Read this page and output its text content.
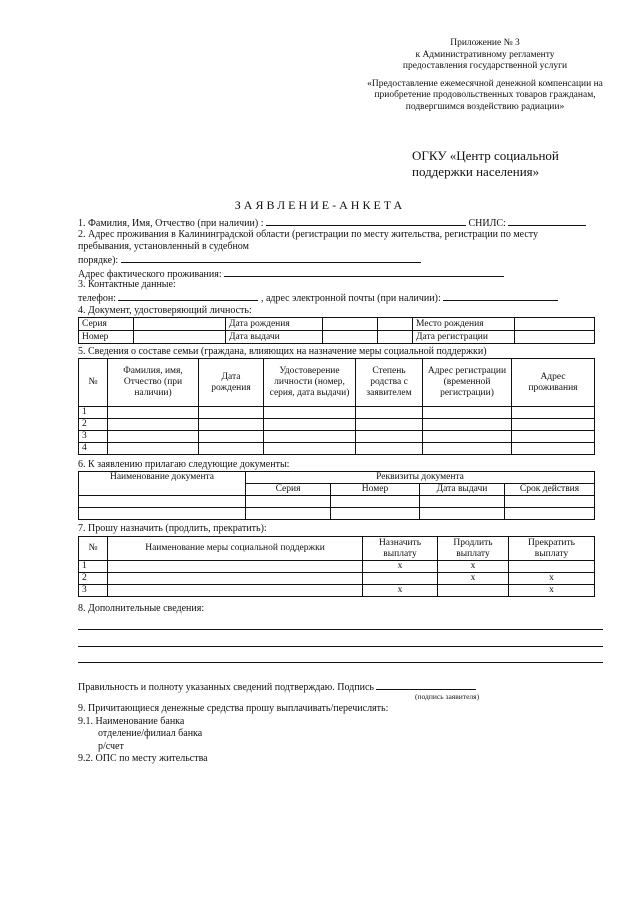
Приложение № 3
к Административному регламенту
предоставления государственной услуги
«Предоставление ежемесячной денежной компенсации на
приобретение продовольственных товаров гражданам,
подвергшимся воздействию радиации»
ОГКУ «Центр социальной
поддержки населения»
ЗАЯВЛЕНИЕ-АНКЕТА
1. Фамилия, Имя, Отчество (при наличии) :	СНИЛС:
2. Адрес проживания в Калининградской области (регистрации по месту жительства, регистрации по месту
пребывания, установленный в судебном
порядке):
Адрес фактического проживания:
3. Контактные данные:
телефон:	, адрес электронной почты (при наличии):
4. Документ, удостоверяющий личность:
Серия		Дата рождения			Место рождения	
Номер		Дата выдачи			Дата регистрации	
5. Сведения о составе семьи (граждана, влияющих на назначение меры социальной поддержки)
№	Фамилия, имя, Отчество (при наличии)	Дата рождения	Удостоверение личности (номер, серия, дата выдачи)	Степень родства с заявителем	Адрес регистрации (временной регистрации)	Адрес проживания
1						
2						
3						
4						
6. К заявлению прилагаю следующие документы:
Наименование документа	Реквизиты документа			
	Серия	Номер	Дата выдачи	Срок действия

7. Прошу назначить (продлить, прекратить):
№	Наименование меры социальной поддержки	Назначить выплату	Продлить выплату	Прекратить выплату
1		х	х	
2			х	х
3		х		х
8. Дополнительные сведения:
Правильность и полноту указанных сведений подтверждаю. Подпись
(подпись заявителя)
9. Причитающиеся денежные средства прошу выплачивать/перечислять:
9.1. Наименование банка
отделение/филиал банка
р/счет
9.2. ОПС по месту жительства
